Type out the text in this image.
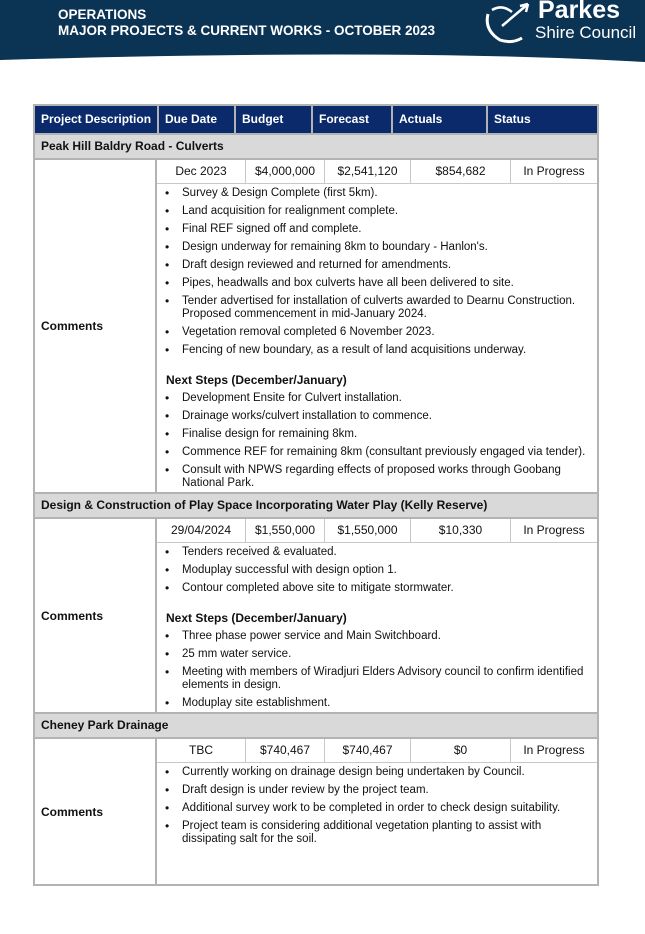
OPERATIONS
MAJOR PROJECTS & CURRENT WORKS - OCTOBER 2023
Parkes
Shire Council
Project Description	Due Date	Budget	Forecast	Actuals	Status
Peak Hill Baldry Road - Culverts
Comments
Dec 2023	$4,000,000	$2,541,120	$854,682	In Progress
• Survey & Design Complete (first 5km).
• Land acquisition for realignment complete.
• Final REF signed off and complete.
• Design underway for remaining 8km to boundary - Hanlon's.
• Draft design reviewed and returned for amendments.
• Pipes, headwalls and box culverts have all been delivered to site.
• Tender advertised for installation of culverts awarded to Dearnu Construction. Proposed commencement in mid-January 2024.
• Vegetation removal completed 6 November 2023.
• Fencing of new boundary, as a result of land acquisitions underway.
Next Steps (December/January)
• Development Ensite for Culvert installation.
• Drainage works/culvert installation to commence.
• Finalise design for remaining 8km.
• Commence REF for remaining 8km (consultant previously engaged via tender).
• Consult with NPWS regarding effects of proposed works through Goobang National Park.
Design & Construction of Play Space Incorporating Water Play (Kelly Reserve)
Comments
29/04/2024	$1,550,000	$1,550,000	$10,330	In Progress
• Tenders received & evaluated.
• Moduplay successful with design option 1.
• Contour completed above site to mitigate stormwater.
Next Steps (December/January)
• Three phase power service and Main Switchboard.
• 25 mm water service.
• Meeting with members of Wiradjuri Elders Advisory council to confirm identified elements in design.
• Moduplay site establishment.
Cheney Park Drainage
Comments
TBC	$740,467	$740,467	$0	In Progress
• Currently working on drainage design being undertaken by Council.
• Draft design is under review by the project team.
• Additional survey work to be completed in order to check design suitability.
• Project team is considering additional vegetation planting to assist with dissipating salt for the soil.
